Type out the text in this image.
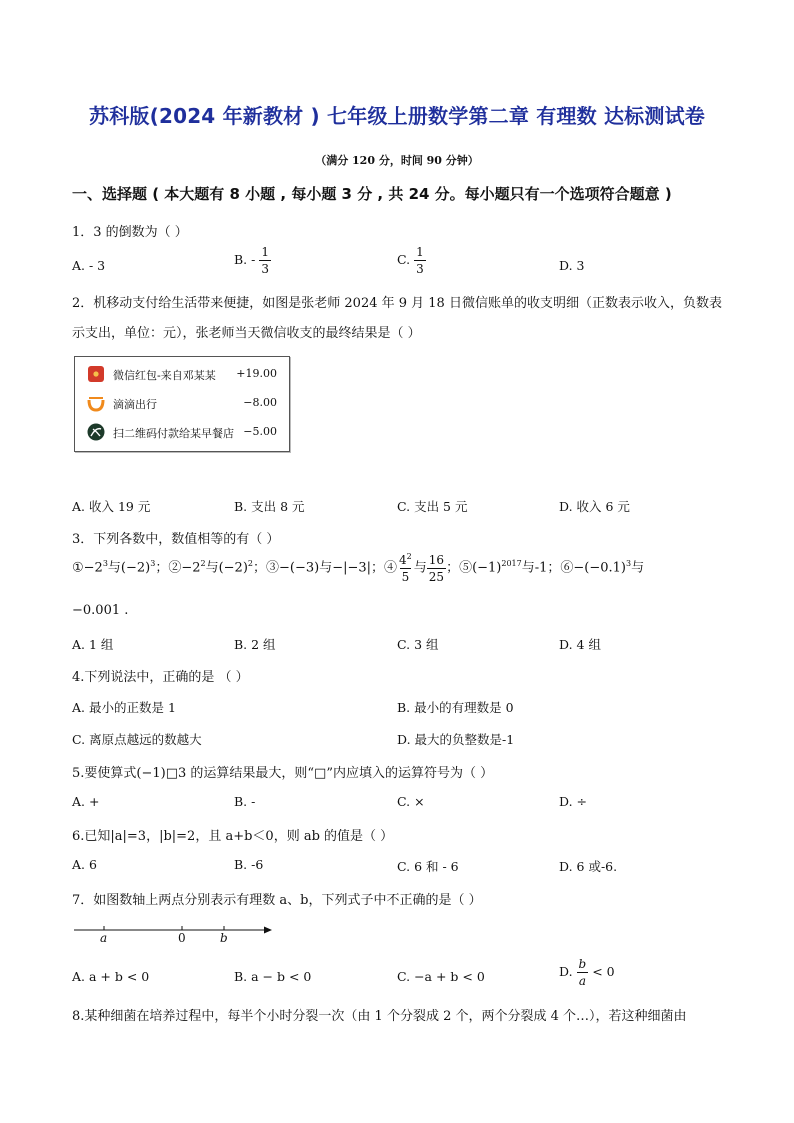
苏科版(2024 年新教材 ) 七年级上册数学第二章 有理数 达标测试卷
（满分 120 分，时间 90 分钟）
一、选择题 ( 本大题有 8 小题 , 每小题 3 分 , 共 24 分。每小题只有一个选项符合题意 )
1．3 的倒数为（ ）
A. - 3	B. - $\frac{1}{3}$	C. $\frac{1}{3}$	D. 3
2．机移动支付给生活带来便捷，如图是张老师 2024 年 9 月 18 日微信账单的收支明细（正数表示收入，负数表示支出，单位：元），张老师当天微信收支的最终结果是（ ）
微信红包-来自邓某某 +19.00
滴滴出行	−8.00
扫二维码付款给某早餐店 −5.00
A. 收入 19 元	B. 支出 8 元	C. 支出 5 元	D. 收入 6 元
3．下列各数中，数值相等的有（ ）
$①-2^3$与$(-2)^3$；$②-2^2$与$(-2)^2$；③−(−3)与−|−3|；④ $\frac{4^2}{5}$ 与 $\frac{16}{25}$ ；$⑤(-1)^{2017}$与-1；$⑥-(-0.1)^3$与
−0.001 .
A. 1 组	B. 2 组	C. 3 组	D. 4 组
4.下列说法中，正确的是 （ ）
A. 最小的正数是 1	B. 最小的有理数是 0
C. 离原点越远的数越大	D. 最大的负整数是-1
5.要使算式(−1)□3 的运算结果最大，则“□”内应填入的运算符号为（ ）
A. +	B. -	C. ×	D. ÷
6.已知|a|=3，|b|=2，且 a+b＜0，则 ab 的值是（ ）
A. 6	B. -6	C. 6 和 - 6	D. 6 或-6.
7．如图数轴上两点分别表示有理数 a、b，下列式子中不正确的是（ ）
a	0	b
A. a + b < 0	B. a − b < 0	C. −a + b < 0	D. $\frac{b}{a} < 0$
8.某种细菌在培养过程中，每半个小时分裂一次（由 1 个分裂成 2 个，两个分裂成 4 个…），若这种细菌由
